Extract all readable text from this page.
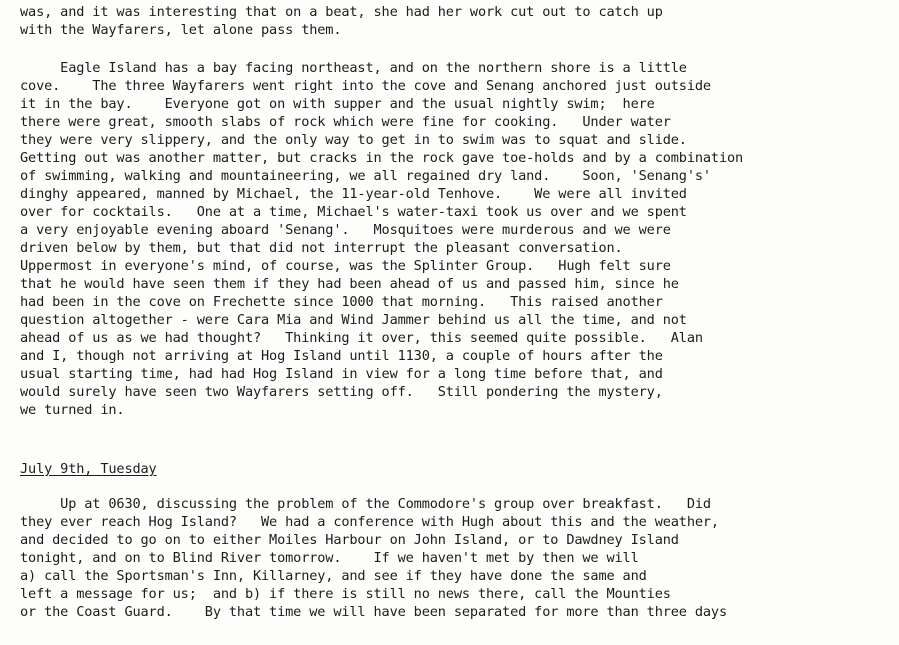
was, and it was interesting that on a beat, she had her work cut out to catch up
with the Wayfarers, let alone pass them.
Eagle Island has a bay facing northeast, and on the northern shore is a little
cove.    The three Wayfarers went right into the cove and Senang anchored just outside
it in the bay.    Everyone got on with supper and the usual nightly swim;  here
there were great, smooth slabs of rock which were fine for cooking.   Under water
they were very slippery, and the only way to get in to swim was to squat and slide.
Getting out was another matter, but cracks in the rock gave toe-holds and by a combination
of swimming, walking and mountaineering, we all regained dry land.    Soon, 'Senang's'
dinghy appeared, manned by Michael, the 11-year-old Tenhove.    We were all invited
over for cocktails.   One at a time, Michael's water-taxi took us over and we spent
a very enjoyable evening aboard 'Senang'.   Mosquitoes were murderous and we were
driven below by them, but that did not interrupt the pleasant conversation.
Uppermost in everyone's mind, of course, was the Splinter Group.   Hugh felt sure
that he would have seen them if they had been ahead of us and passed him, since he
had been in the cove on Frechette since 1000 that morning.   This raised another
question altogether - were Cara Mia and Wind Jammer behind us all the time, and not
ahead of us as we had thought?   Thinking it over, this seemed quite possible.   Alan
and I, though not arriving at Hog Island until 1130, a couple of hours after the
usual starting time, had had Hog Island in view for a long time before that, and
would surely have seen two Wayfarers setting off.   Still pondering the mystery,
we turned in.
July 9th, Tuesday
Up at 0630, discussing the problem of the Commodore's group over breakfast.   Did
they ever reach Hog Island?   We had a conference with Hugh about this and the weather,
and decided to go on to either Moiles Harbour on John Island, or to Dawdney Island
tonight, and on to Blind River tomorrow.    If we haven't met by then we will
a) call the Sportsman's Inn, Killarney, and see if they have done the same and
left a message for us;  and b) if there is still no news there, call the Mounties
or the Coast Guard.    By that time we will have been separated for more than three days
